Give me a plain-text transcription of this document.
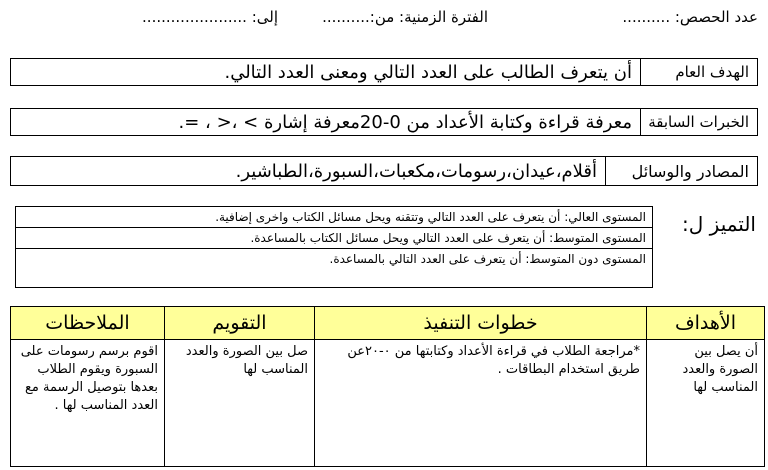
عدد الحصص: ..........
الفترة الزمنية: من:..........
إلى: ......................
الهدف العام
أن يتعرف الطالب على العدد التالي ومعنى العدد التالي.
الخبرات السابقة
معرفة قراءة وكتابة الأعداد من 0-20معرفة إشارة > ،< ، =.
المصادر والوسائل
أقلام،عيدان،رسومات،مكعبات،السبورة،الطباشير.
التميز ل:
المستوى العالي: أن يتعرف على العدد التالي وتتقنه ويحل مسائل الكتاب واخرى إضافية.
المستوى المتوسط: أن يتعرف على العدد التالي ويحل مسائل الكتاب بالمساعدة.
المستوى دون المتوسط: أن يتعرف على العدد التالي بالمساعدة.
الأهداف	خطوات التنفيذ	التقويم	الملاحظات
أن يصل بين الصورة والعدد المناسب لها	*مراجعة الطلاب في قراءة الأعداد وكتابتها من ٠-٢٠عن طريق استخدام البطاقات .	صل بين الصورة والعدد المناسب لها	اقوم برسم رسومات على السبورة ويقوم الطلاب بعدها بتوصيل الرسمة مع العدد المناسب لها .
